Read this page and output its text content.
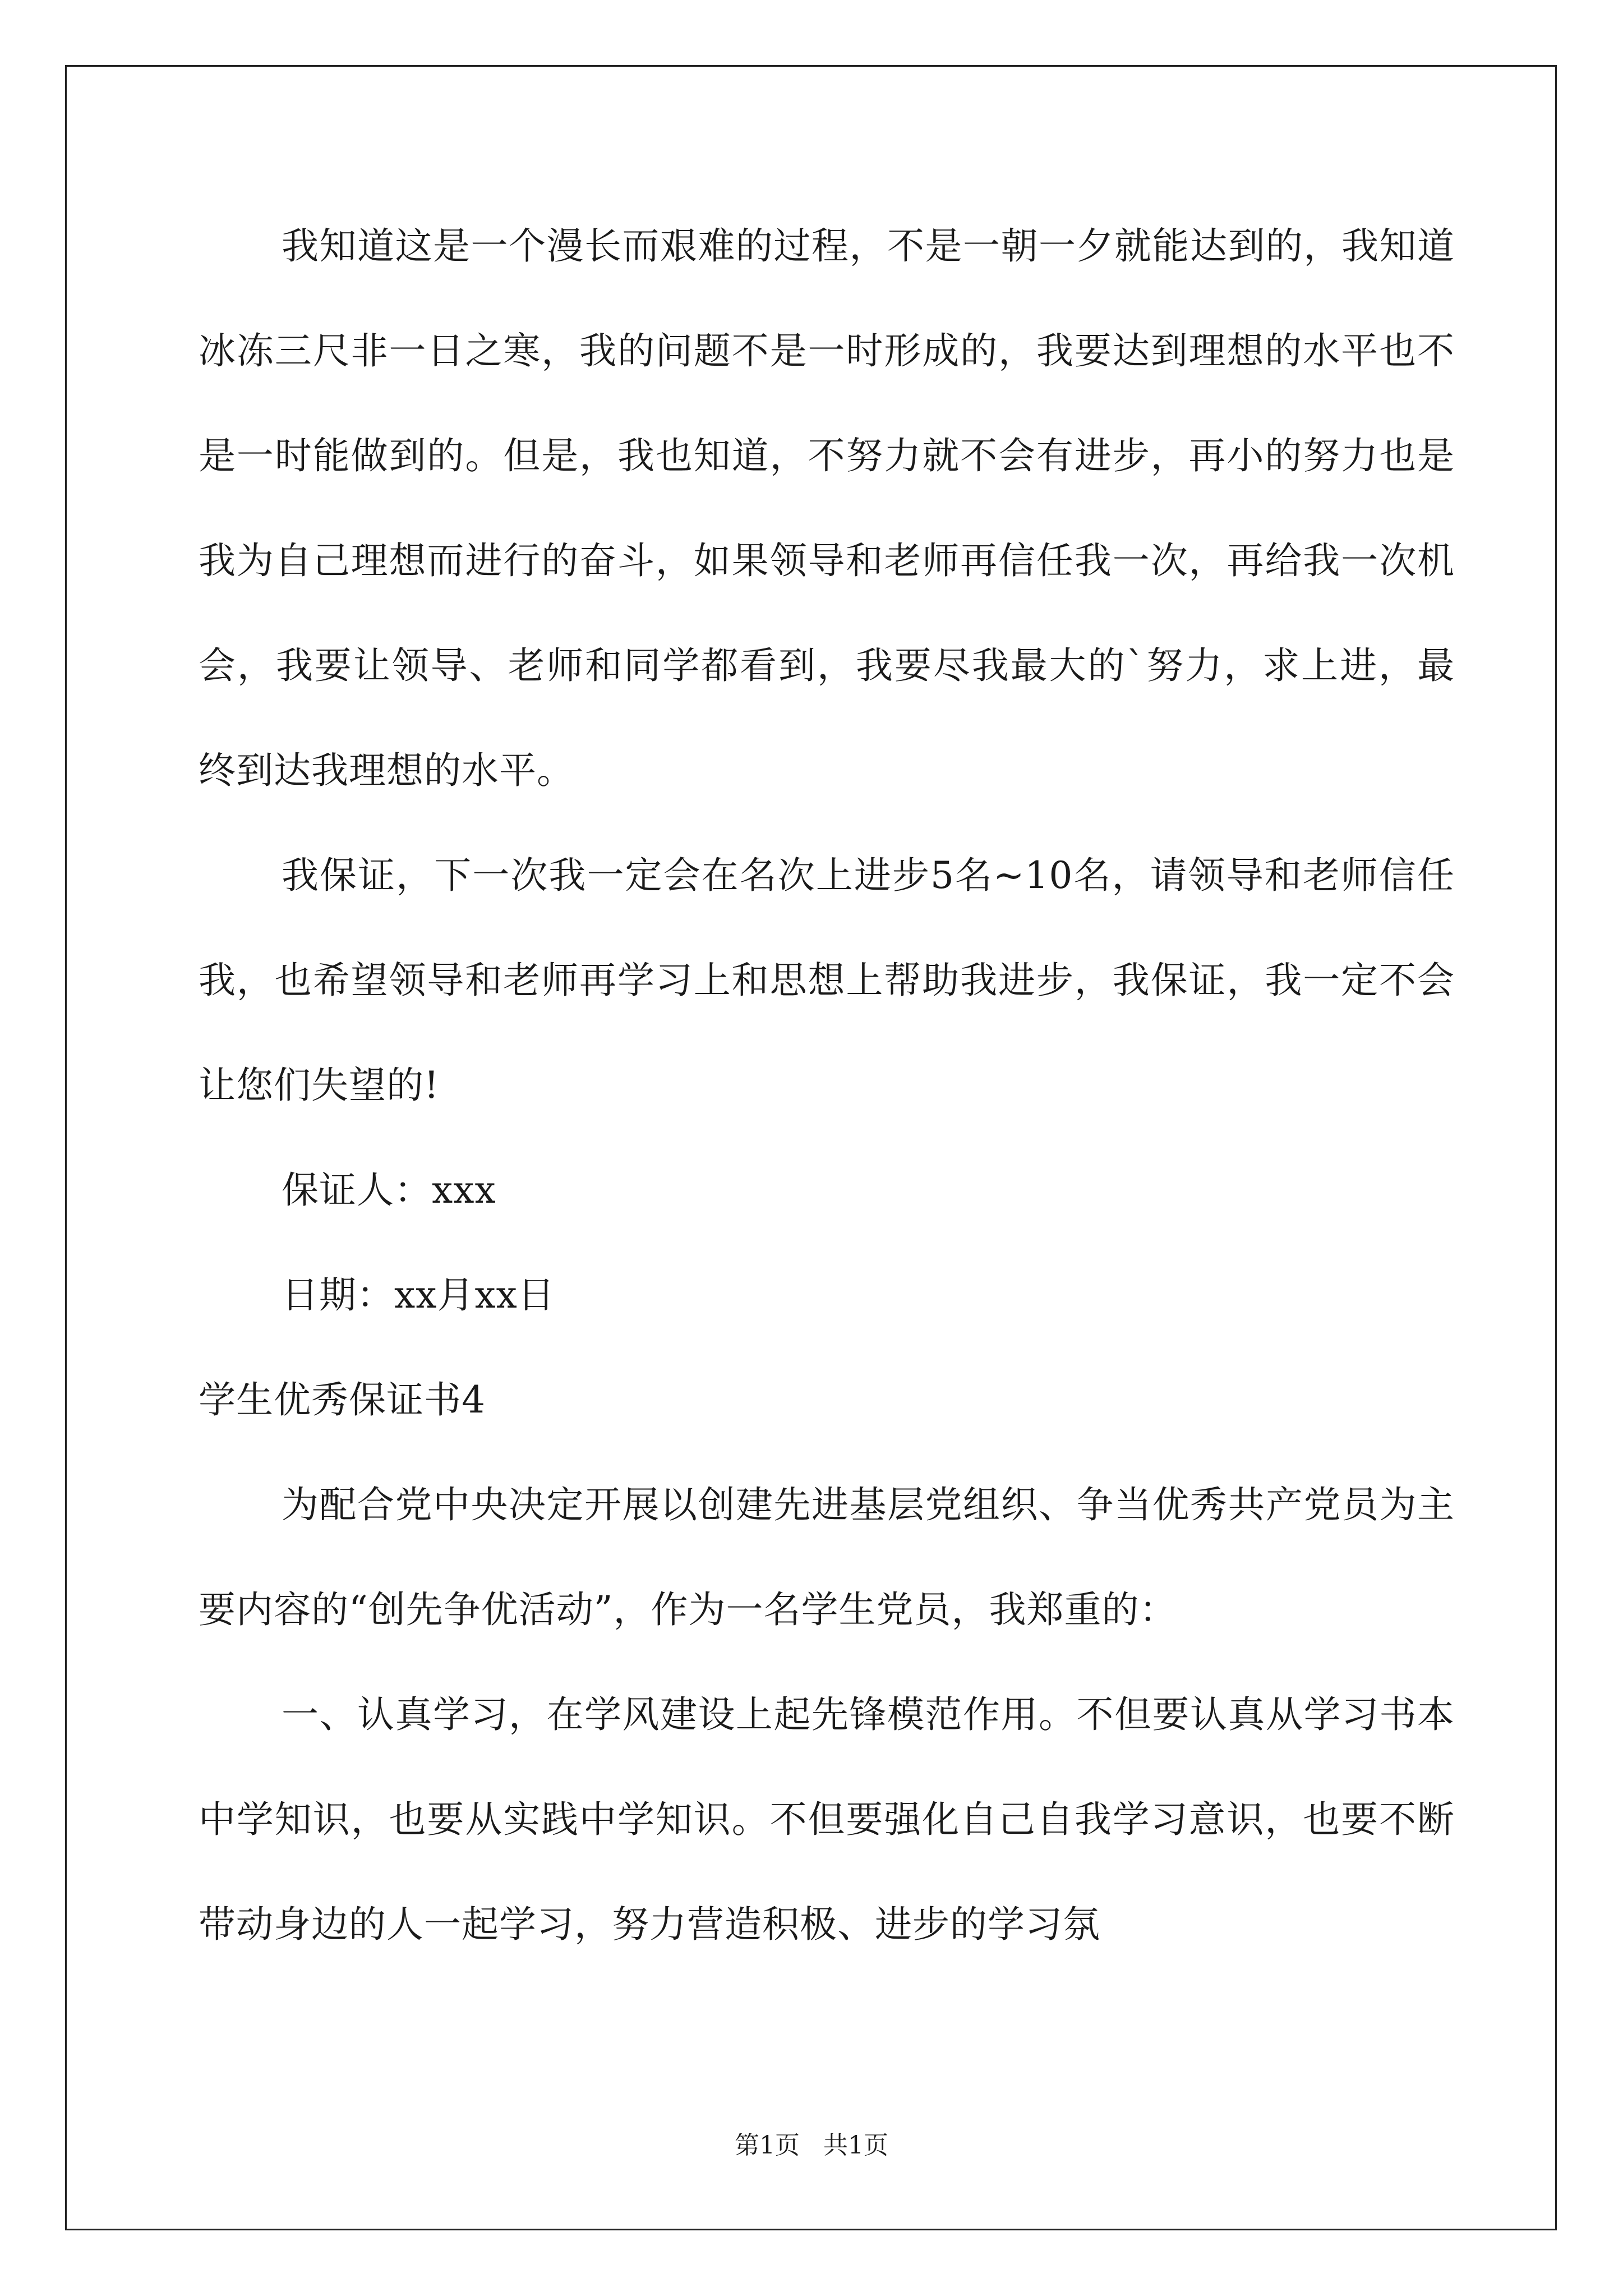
我知道这是一个漫长而艰难的过程，不是一朝一夕就能达到的，我知道冰冻三尺非一日之寒，我的问题不是一时形成的，我要达到理想的水平也不是一时能做到的。但是，我也知道，不努力就不会有进步，再小的努力也是我为自己理想而进行的奋斗，如果领导和老师再信任我一次，再给我一次机会，我要让领导、老师和同学都看到，我要尽我最大的`努力，求上进，最终到达我理想的水平。

我保证，下一次我一定会在名次上进步5名~10名，请领导和老师信任我，也希望领导和老师再学习上和思想上帮助我进步，我保证，我一定不会让您们失望的!

保证人：xxx

日期：xx月xx日

学生优秀保证书4

为配合党中央决定开展以创建先进基层党组织、争当优秀共产党员为主要内容的“创先争优活动”，作为一名学生党员，我郑重的：

一、认真学习，在学风建设上起先锋模范作用。不但要认真从学习书本中学知识，也要从实践中学知识。不但要强化自己自我学习意识，也要不断带动身边的人一起学习，努力营造积极、进步的学习氛

第1页 共1页
